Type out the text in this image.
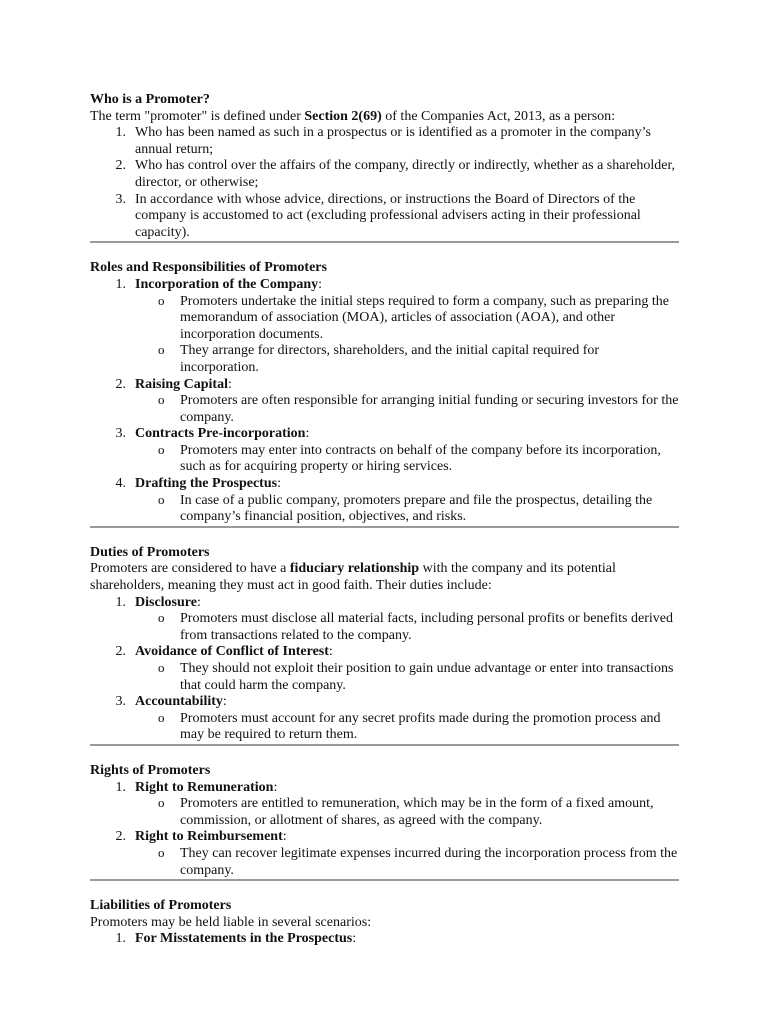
Who is a Promoter?

The term "promoter" is defined under Section 2(69) of the Companies Act, 2013, as a person:

1. Who has been named as such in a prospectus or is identified as a promoter in the company’s annual return;
2. Who has control over the affairs of the company, directly or indirectly, whether as a shareholder, director, or otherwise;
3. In accordance with whose advice, directions, or instructions the Board of Directors of the company is accustomed to act (excluding professional advisers acting in their professional capacity).

Roles and Responsibilities of Promoters

1. Incorporation of the Company:
o Promoters undertake the initial steps required to form a company, such as preparing the memorandum of association (MOA), articles of association (AOA), and other incorporation documents.
o They arrange for directors, shareholders, and the initial capital required for incorporation.
2. Raising Capital:
o Promoters are often responsible for arranging initial funding or securing investors for the company.
3. Contracts Pre-incorporation:
o Promoters may enter into contracts on behalf of the company before its incorporation, such as for acquiring property or hiring services.
4. Drafting the Prospectus:
o In case of a public company, promoters prepare and file the prospectus, detailing the company’s financial position, objectives, and risks.

Duties of Promoters

Promoters are considered to have a fiduciary relationship with the company and its potential shareholders, meaning they must act in good faith. Their duties include:

1. Disclosure:
o Promoters must disclose all material facts, including personal profits or benefits derived from transactions related to the company.
2. Avoidance of Conflict of Interest:
o They should not exploit their position to gain undue advantage or enter into transactions that could harm the company.
3. Accountability:
o Promoters must account for any secret profits made during the promotion process and may be required to return them.

Rights of Promoters

1. Right to Remuneration:
o Promoters are entitled to remuneration, which may be in the form of a fixed amount, commission, or allotment of shares, as agreed with the company.
2. Right to Reimbursement:
o They can recover legitimate expenses incurred during the incorporation process from the company.

Liabilities of Promoters

Promoters may be held liable in several scenarios:

1. For Misstatements in the Prospectus:
